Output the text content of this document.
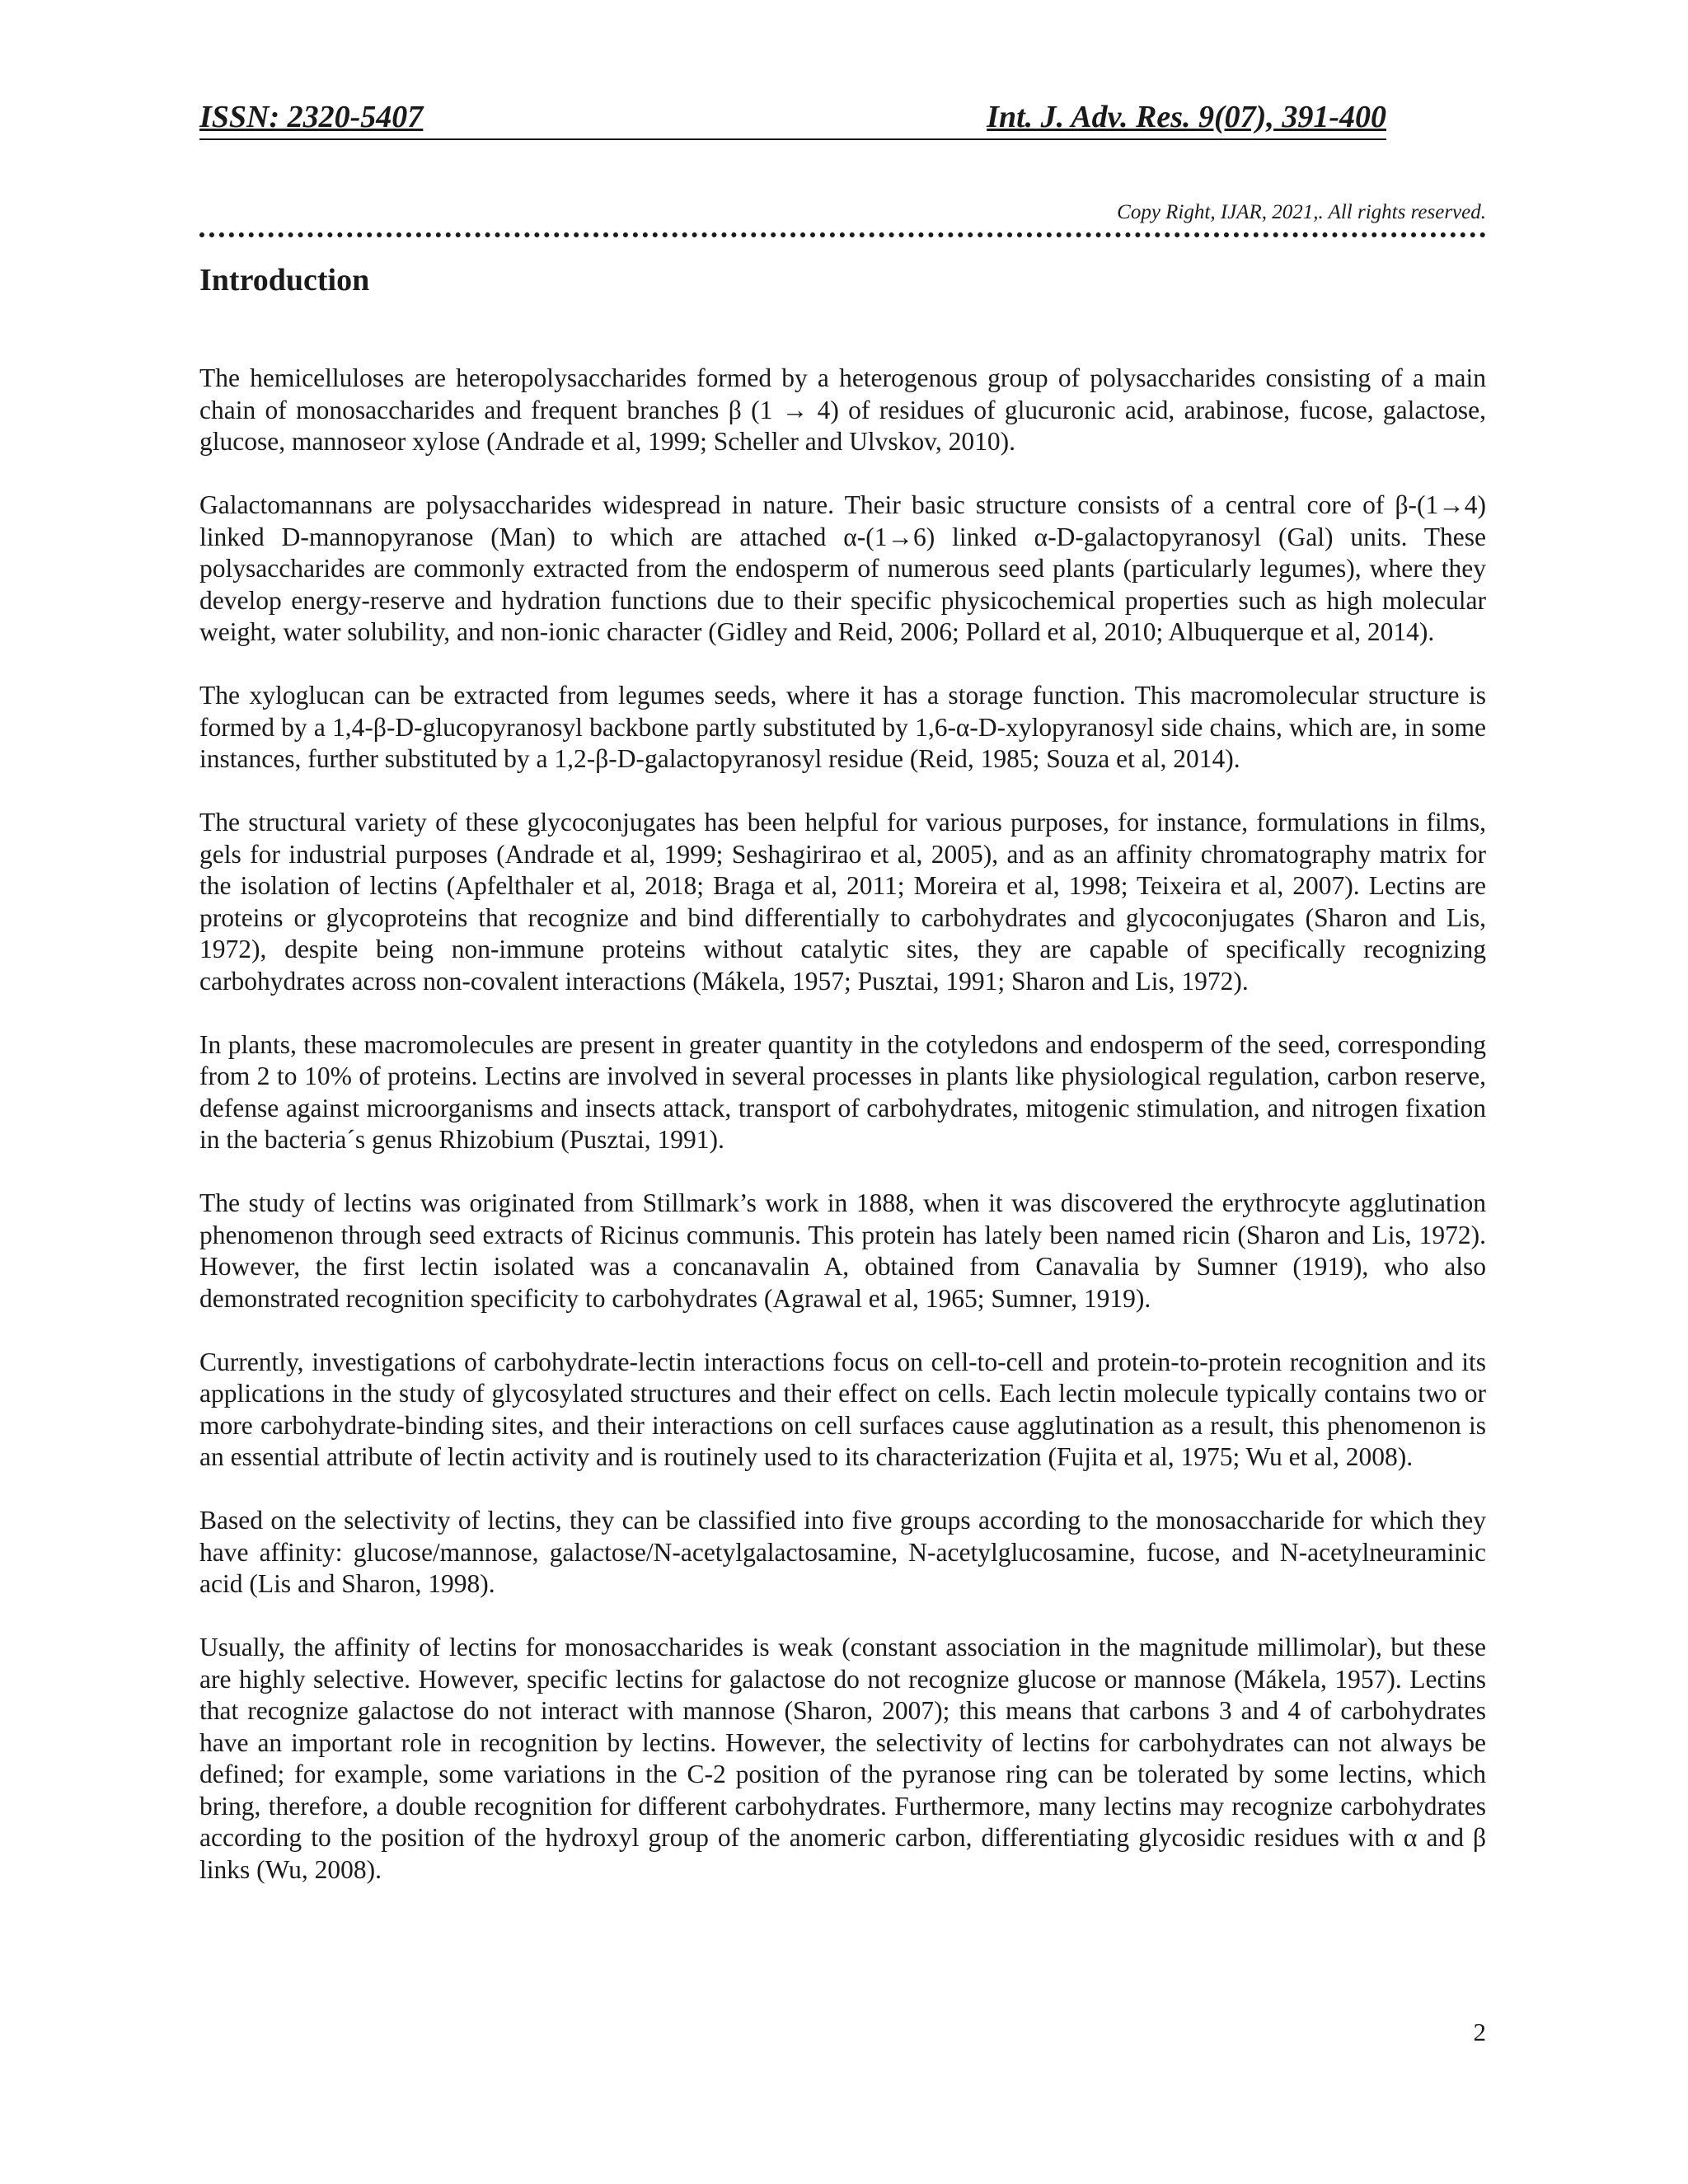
ISSN: 2320-5407	Int. J. Adv. Res. 9(07), 391-400
Copy Right, IJAR, 2021,. All rights reserved.
Introduction

The hemicelluloses are heteropolysaccharides formed by a heterogenous group of polysaccharides consisting of a main chain of monosaccharides and frequent branches β (1 → 4) of residues of glucuronic acid, arabinose, fucose, galactose, glucose, mannoseor xylose (Andrade et al, 1999; Scheller and Ulvskov, 2010).

Galactomannans are polysaccharides widespread in nature. Their basic structure consists of a central core of β-(1→4) linked D-mannopyranose (Man) to which are attached α-(1→6) linked α-D-galactopyranosyl (Gal) units. These polysaccharides are commonly extracted from the endosperm of numerous seed plants (particularly legumes), where they develop energy-reserve and hydration functions due to their specific physicochemical properties such as high molecular weight, water solubility, and non-ionic character (Gidley and Reid, 2006; Pollard et al, 2010; Albuquerque et al, 2014).

The xyloglucan can be extracted from legumes seeds, where it has a storage function. This macromolecular structure is formed by a 1,4-β-D-glucopyranosyl backbone partly substituted by 1,6-α-D-xylopyranosyl side chains, which are, in some instances, further substituted by a 1,2-β-D-galactopyranosyl residue (Reid, 1985; Souza et al, 2014).

The structural variety of these glycoconjugates has been helpful for various purposes, for instance, formulations in films, gels for industrial purposes (Andrade et al, 1999; Seshagirirao et al, 2005), and as an affinity chromatography matrix for the isolation of lectins (Apfelthaler et al, 2018; Braga et al, 2011; Moreira et al, 1998; Teixeira et al, 2007). Lectins are proteins or glycoproteins that recognize and bind differentially to carbohydrates and glycoconjugates (Sharon and Lis, 1972), despite being non-immune proteins without catalytic sites, they are capable of specifically recognizing carbohydrates across non-covalent interactions (Mákela, 1957; Pusztai, 1991; Sharon and Lis, 1972).

In plants, these macromolecules are present in greater quantity in the cotyledons and endosperm of the seed, corresponding from 2 to 10% of proteins. Lectins are involved in several processes in plants like physiological regulation, carbon reserve, defense against microorganisms and insects attack, transport of carbohydrates, mitogenic stimulation, and nitrogen fixation in the bacteria´s genus Rhizobium (Pusztai, 1991).

The study of lectins was originated from Stillmark’s work in 1888, when it was discovered the erythrocyte agglutination phenomenon through seed extracts of Ricinus communis. This protein has lately been named ricin (Sharon and Lis, 1972). However, the first lectin isolated was a concanavalin A, obtained from Canavalia by Sumner (1919), who also demonstrated recognition specificity to carbohydrates (Agrawal et al, 1965; Sumner, 1919).

Currently, investigations of carbohydrate-lectin interactions focus on cell-to-cell and protein-to-protein recognition and its applications in the study of glycosylated structures and their effect on cells. Each lectin molecule typically contains two or more carbohydrate-binding sites, and their interactions on cell surfaces cause agglutination as a result, this phenomenon is an essential attribute of lectin activity and is routinely used to its characterization (Fujita et al, 1975; Wu et al, 2008).

Based on the selectivity of lectins, they can be classified into five groups according to the monosaccharide for which they have affinity: glucose/mannose, galactose/N-acetylgalactosamine, N-acetylglucosamine, fucose, and N-acetylneuraminic acid (Lis and Sharon, 1998).

Usually, the affinity of lectins for monosaccharides is weak (constant association in the magnitude millimolar), but these are highly selective. However, specific lectins for galactose do not recognize glucose or mannose (Mákela, 1957). Lectins that recognize galactose do not interact with mannose (Sharon, 2007); this means that carbons 3 and 4 of carbohydrates have an important role in recognition by lectins. However, the selectivity of lectins for carbohydrates can not always be defined; for example, some variations in the C-2 position of the pyranose ring can be tolerated by some lectins, which bring, therefore, a double recognition for different carbohydrates. Furthermore, many lectins may recognize carbohydrates according to the position of the hydroxyl group of the anomeric carbon, differentiating glycosidic residues with α and β links (Wu, 2008).

2
